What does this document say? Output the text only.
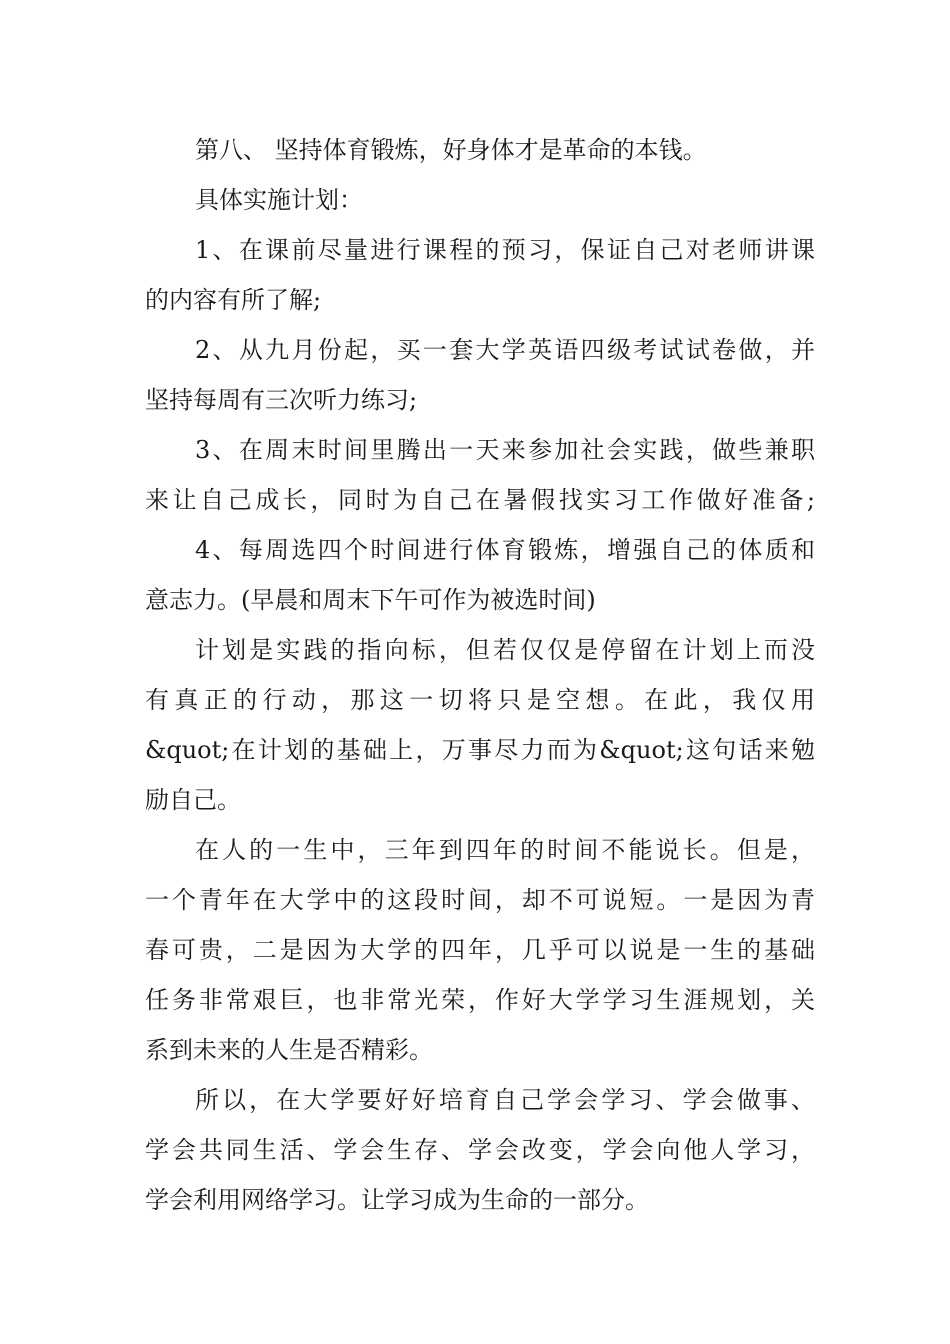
第八、 坚持体育锻炼，好身体才是革命的本钱。
具体实施计划：
1、在课前尽量进行课程的预习，保证自己对老师讲课
的内容有所了解;
2、从九月份起，买一套大学英语四级考试试卷做，并
坚持每周有三次听力练习;
3、在周末时间里腾出一天来参加社会实践，做些兼职
来让自己成长，同时为自己在暑假找实习工作做好准备;
4、每周选四个时间进行体育锻炼，增强自己的体质和
意志力。(早晨和周末下午可作为被选时间)
计划是实践的指向标，但若仅仅是停留在计划上而没
有真正的行动，那这一切将只是空想。在此，我仅用
&quot;在计划的基础上，万事尽力而为&quot;这句话来勉
励自己。
在人的一生中，三年到四年的时间不能说长。但是，
一个青年在大学中的这段时间，却不可说短。一是因为青
春可贵，二是因为大学的四年，几乎可以说是一生的基础
任务非常艰巨，也非常光荣，作好大学学习生涯规划，关
系到未来的人生是否精彩。
所以，在大学要好好培育自己学会学习、学会做事、
学会共同生活、学会生存、学会改变，学会向他人学习，
学会利用网络学习。让学习成为生命的一部分。
